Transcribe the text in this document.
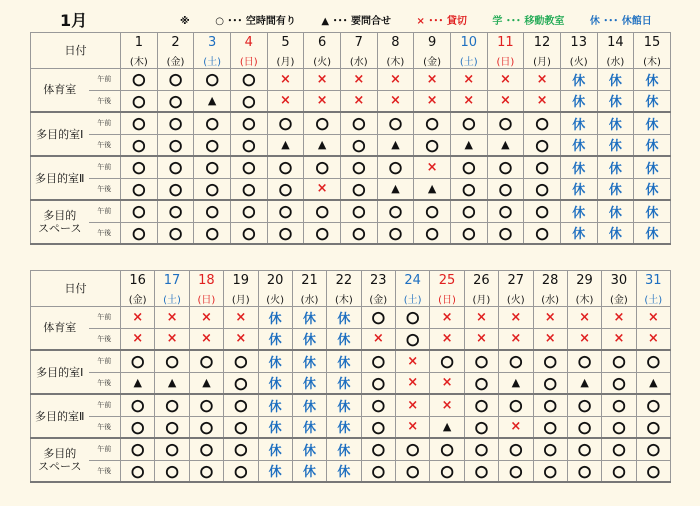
1月	※	○ ･･･ 空時間有り	▲ ･･･ 要問合せ	× ･･･ 貸切	学 ･･･ 移動教室	休 ･･･ 休館日
日付		1	2	3	4	5	6	7	8	9	10	11	12	13	14	15
		(木)	(金)	(土)	(日)	(月)	(火)	(水)	(木)	(金)	(土)	(日)	(月)	(火)	(水)	(木)
体育室	午前	○	○	○	○	×	×	×	×	×	×	×	×	休	休	休
	午後	○	○	▲	○	×	×	×	×	×	×	×	×	休	休	休
多目的室Ⅰ	午前	○	○	○	○	○	○	○	○	○	○	○	○	休	休	休
	午後	○	○	○	○	▲	▲	○	▲	○	▲	▲	○	休	休	休
多目的室Ⅱ	午前	○	○	○	○	○	○	○	○	×	○	○	○	休	休	休
	午後	○	○	○	○	○	×	○	▲	▲	○	○	○	休	休	休
多目的
スペース	午前	○	○	○	○	○	○	○	○	○	○	○	○	休	休	休
	午後	○	○	○	○	○	○	○	○	○	○	○	○	休	休	休
日付		16	17	18	19	20	21	22	23	24	25	26	27	28	29	30	31
		(金)	(土)	(日)	(月)	(火)	(水)	(木)	(金)	(土)	(日)	(月)	(火)	(水)	(木)	(金)	(土)
体育室	午前	×	×	×	×	休	休	休	○	○	×	×	×	×	×	×	×
	午後	×	×	×	×	休	休	休	×	○	×	×	×	×	×	×	×
多目的室Ⅰ	午前	○	○	○	○	休	休	休	○	×	○	○	○	○	○	○	○
	午後	▲	▲	▲	○	休	休	休	○	×	×	○	▲	○	▲	○	▲
多目的室Ⅱ	午前	○	○	○	○	休	休	休	○	×	×	○	○	○	○	○	○
	午後	○	○	○	○	休	休	休	○	×	▲	○	×	○	○	○	○
多目的
スペース	午前	○	○	○	○	休	休	休	○	○	○	○	○	○	○	○	○
	午後	○	○	○	○	休	休	休	○	○	○	○	○	○	○	○	○
